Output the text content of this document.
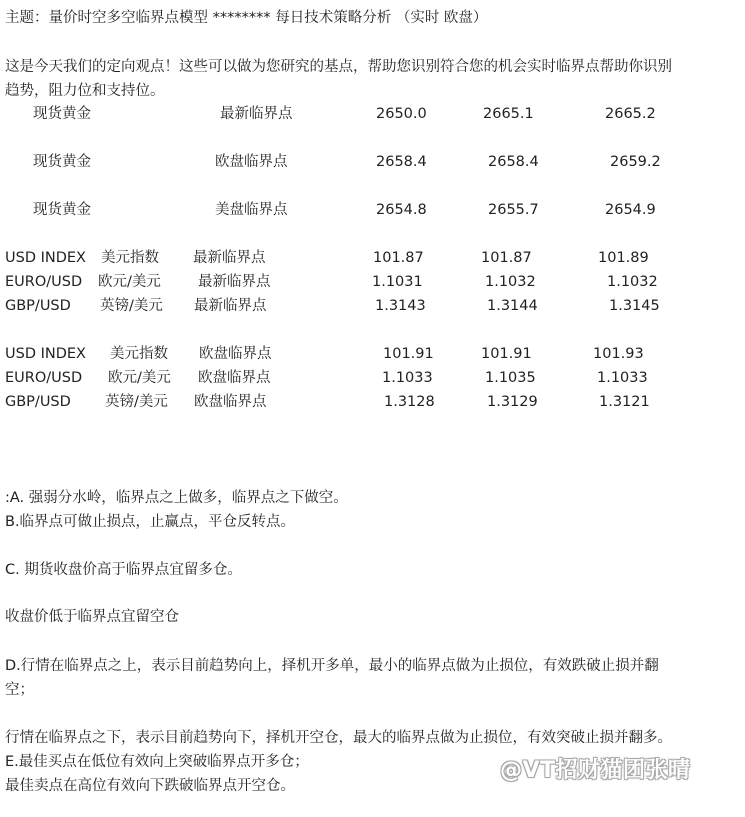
主题：量价时空多空临界点模型 ******** 每日技术策略分析 （实时 欧盘）
这是今天我们的定向观点！这些可以做为您研究的基点，帮助您识别符合您的机会实时临界点帮助你识别
趋势，阻力位和支持位。
现货黄金	最新临界点	2650.0	2665.1	2665.2
现货黄金	欧盘临界点	2658.4	2658.4	2659.2
现货黄金	美盘临界点	2654.8	2655.7	2654.9
USD INDEX 美元指数 最新临界点	101.87	101.87	101.89
EURO/USD 欧元/美元	最新临界点	1.1031	1.1032	1.1032
GBP/USD 英镑/美元 最新临界点	1.3143	1.3144	1.3145
USD INDEX 美元指数 欧盘临界点	101.91	101.91	101.93
EURO/USD 欧元/美元 欧盘临界点	1.1033	1.1035	1.1033
GBP/USD 英镑/美元 欧盘临界点	1.3128	1.3129	1.3121
:A. 强弱分水岭，临界点之上做多，临界点之下做空。
B.临界点可做止损点，止赢点，平仓反转点。
C. 期货收盘价高于临界点宜留多仓。
收盘价低于临界点宜留空仓
D.行情在临界点之上，表示目前趋势向上，择机开多单，最小的临界点做为止损位，有效跌破止损并翻
空；
行情在临界点之下，表示目前趋势向下，择机开空仓，最大的临界点做为止损位，有效突破止损并翻多。
E.最佳买点在低位有效向上突破临界点开多仓；
最佳卖点在高位有效向下跌破临界点开空仓。
@VT招财猫团张晴
